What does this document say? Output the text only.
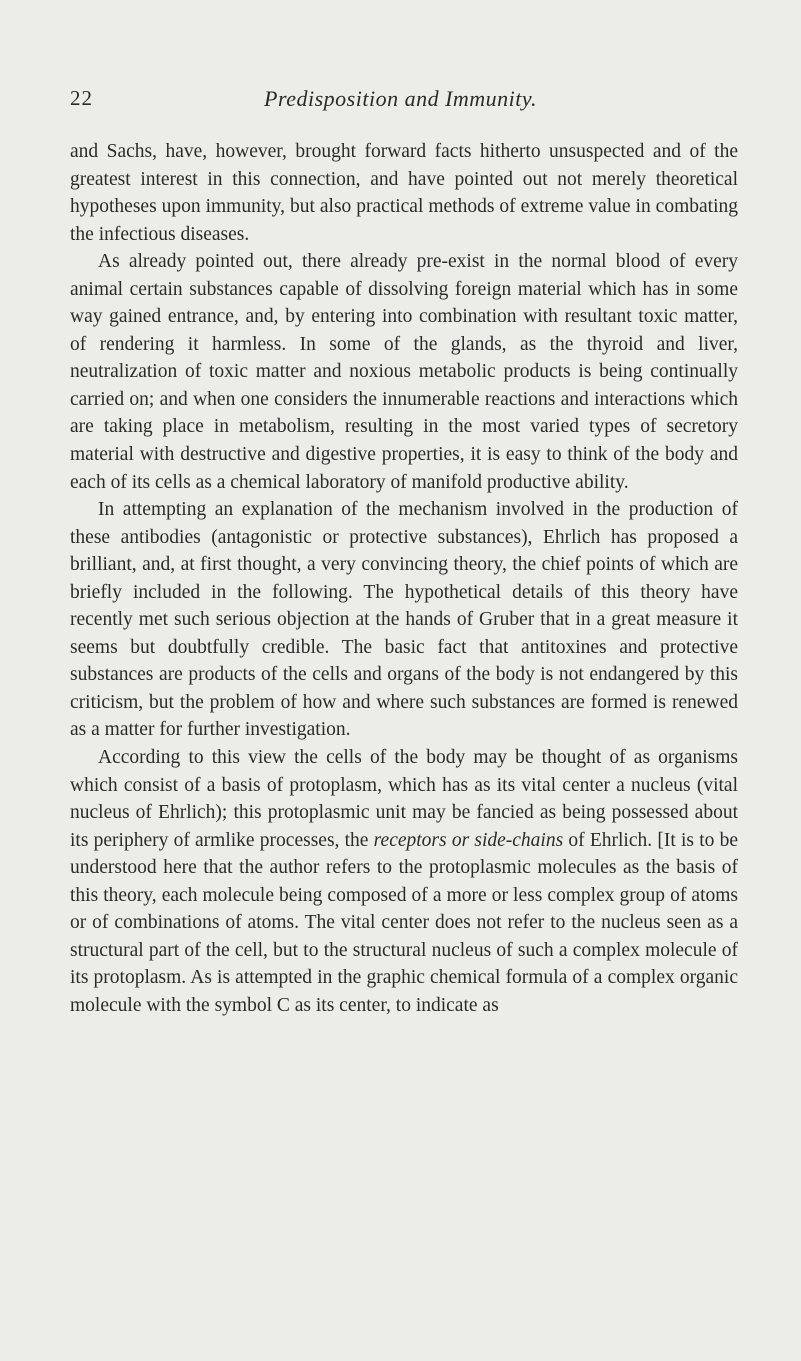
22	Predisposition and Immunity.

and Sachs, have, however, brought forward facts hitherto unsuspected and of the greatest interest in this connection, and have pointed out not merely theoretical hypotheses upon immunity, but also practical methods of extreme value in combating the infectious diseases.

As already pointed out, there already pre-exist in the normal blood of every animal certain substances capable of dissolving foreign material which has in some way gained entrance, and, by entering into combination with resultant toxic matter, of rendering it harmless. In some of the glands, as the thyroid and liver, neutralization of toxic matter and noxious metabolic products is being continually carried on; and when one considers the innumerable reactions and interactions which are taking place in metabolism, resulting in the most varied types of secretory material with destructive and digestive properties, it is easy to think of the body and each of its cells as a chemical laboratory of manifold productive ability.

In attempting an explanation of the mechanism involved in the production of these antibodies (antagonistic or protective substances), Ehrlich has proposed a brilliant, and, at first thought, a very convincing theory, the chief points of which are briefly included in the following. The hypothetical details of this theory have recently met such serious objection at the hands of Gruber that in a great measure it seems but doubtfully credible. The basic fact that antitoxines and protective substances are products of the cells and organs of the body is not endangered by this criticism, but the problem of how and where such substances are formed is renewed as a matter for further investigation.

According to this view the cells of the body may be thought of as organisms which consist of a basis of protoplasm, which has as its vital center a nucleus (vital nucleus of Ehrlich); this protoplasmic unit may be fancied as being possessed about its periphery of armlike processes, the receptors or side-chains of Ehrlich. [It is to be understood here that the author refers to the protoplasmic molecules as the basis of this theory, each molecule being composed of a more or less complex group of atoms or of combinations of atoms. The vital center does not refer to the nucleus seen as a structural part of the cell, but to the structural nucleus of such a complex molecule of its protoplasm. As is attempted in the graphic chemical formula of a complex organic molecule with the symbol C as its center, to indicate as
